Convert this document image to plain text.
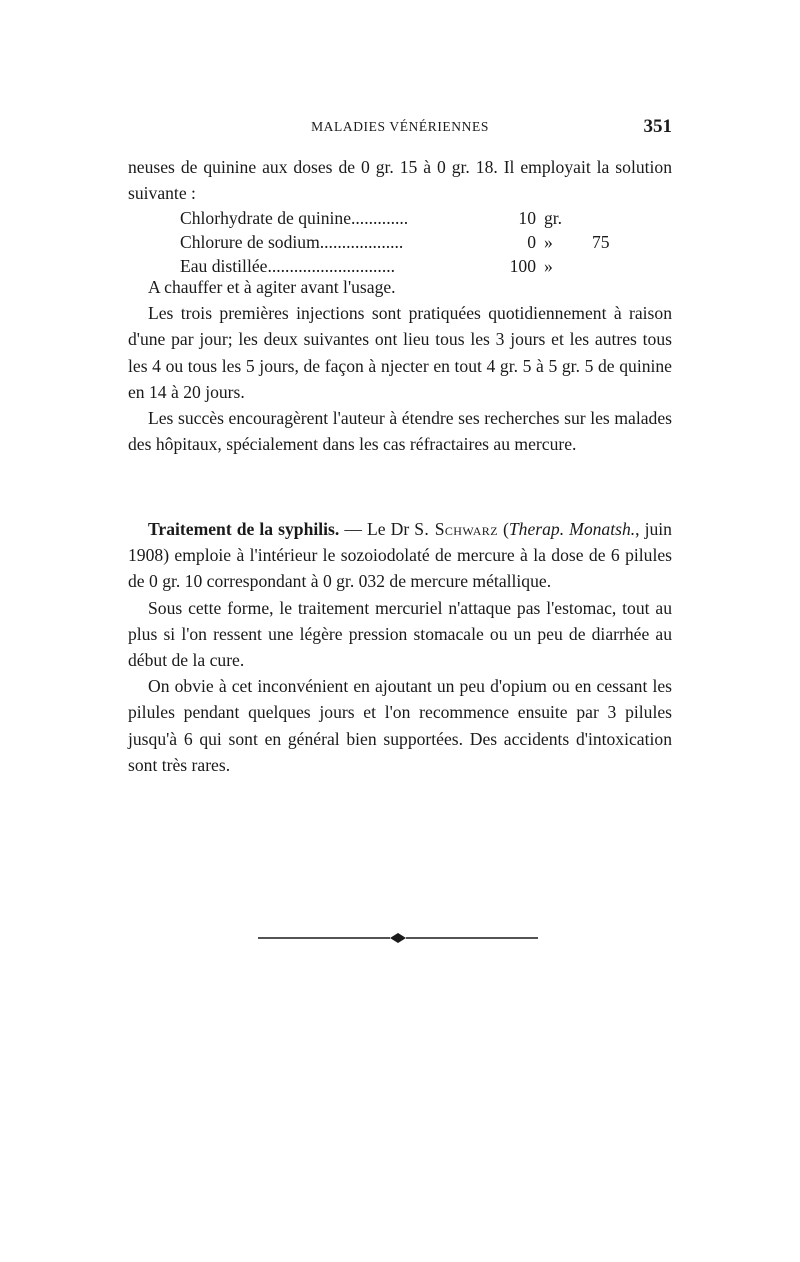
MALADIES VÉNÉRIENNES	351

neuses de quinine aux doses de 0 gr. 15 à 0 gr. 18. Il employait la solution suivante :

Chlorhydrate de quinine.............	10 gr.
Chlorure de sodium...................	0 » 75
Eau distillée.............................	100 »

A chauffer et à agiter avant l'usage.

Les trois premières injections sont pratiquées quotidiennement à raison d'une par jour; les deux suivantes ont lieu tous les 3 jours et les autres tous les 4 ou tous les 5 jours, de façon à njecter en tout 4 gr. 5 à 5 gr. 5 de quinine en 14 à 20 jours.

Les succès encouragèrent l'auteur à étendre ses recherches sur les malades des hôpitaux, spécialement dans les cas réfractaires au mercure.

Traitement de la syphilis. — Le Dr S. Schwarz (Therap. Monatsh., juin 1908) emploie à l'intérieur le sozoiodolaté de mercure à la dose de 6 pilules de 0 gr. 10 correspondant à 0 gr. 032 de mercure métallique.

Sous cette forme, le traitement mercuriel n'attaque pas l'estomac, tout au plus si l'on ressent une légère pression stomacale ou un peu de diarrhée au début de la cure.

On obvie à cet inconvénient en ajoutant un peu d'opium ou en cessant les pilules pendant quelques jours et l'on recommence ensuite par 3 pilules jusqu'à 6 qui sont en général bien supportées. Des accidents d'intoxication sont très rares.
